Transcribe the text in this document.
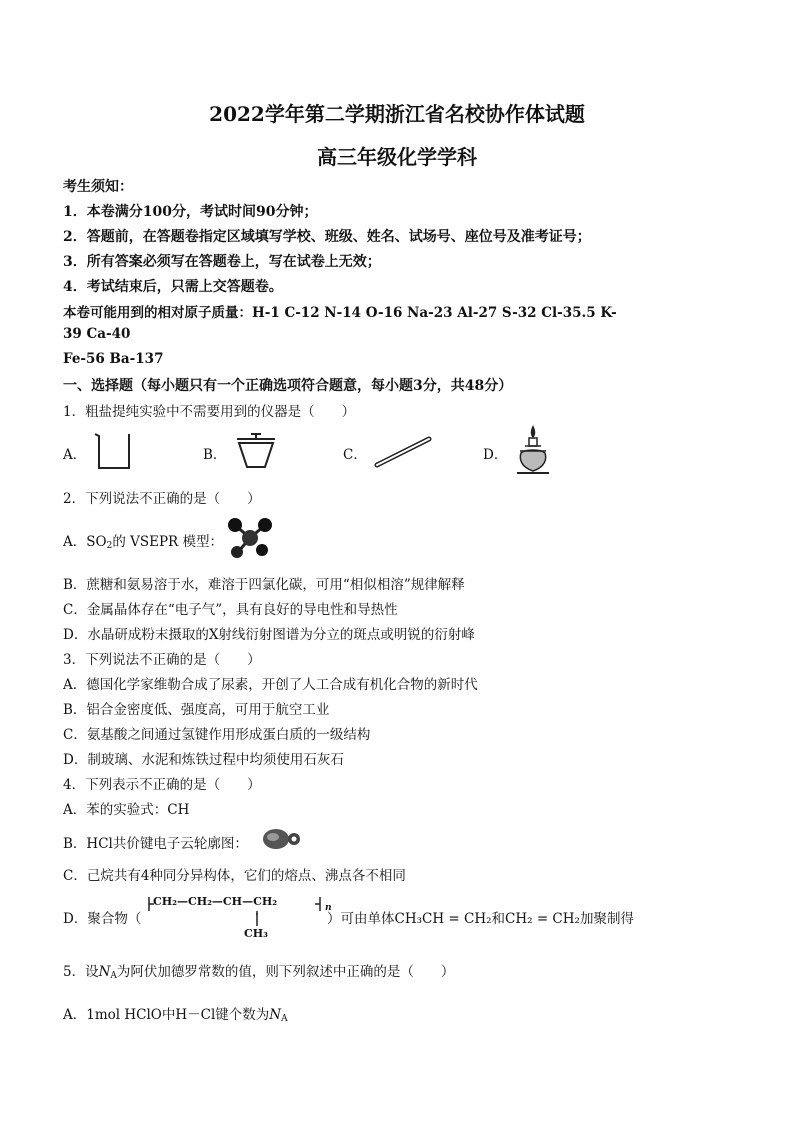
2022学年第二学期浙江省名校协作体试题
高三年级化学学科
考生须知：
1．本卷满分100分，考试时间90分钟；
2．答题前，在答题卷指定区域填写学校、班级、姓名、试场号、座位号及准考证号；
3．所有答案必须写在答题卷上，写在试卷上无效；
4．考试结束后，只需上交答题卷。
本卷可能用到的相对原子质量：H-1 C-12 N-14 O-16 Na-23 Al-27 S-32 Cl-35.5 K-
39 Ca-40
Fe-56 Ba-137
一、选择题（每小题只有一个正确选项符合题意，每小题3分，共48分）
1．粗盐提纯实验中不需要用到的仪器是（　　）
A．	B．	C．	D．
2．下列说法不正确的是（　　）
A．$SO_2$的 VSEPR 模型：
B．蔗糖和氨易溶于水，难溶于四氯化碳，可用“相似相溶”规律解释
C．金属晶体存在“电子气”，具有良好的导电性和导热性
D．水晶研成粉末摄取的X射线衍射图谱为分立的斑点或明锐的衍射峰
3．下列说法不正确的是（　　）
A．德国化学家维勒合成了尿素，开创了人工合成有机化合物的新时代
B．铝合金密度低、强度高，可用于航空工业
C．氨基酸之间通过氢键作用形成蛋白质的一级结构
D．制玻璃、水泥和炼铁过程中均须使用石灰石
4．下列表示不正确的是（　　）
A．苯的实验式：CH
B．HCl共价键电子云轮廓图：
C．己烷共有4种同分异构体，它们的熔点、沸点各不相同
D．聚合物（
CH₂—CH₂—CH—CH₂
CH₃
n
）可由单体CH₃CH = CH₂和CH₂ = CH₂加聚制得
5．设$N_A$为阿伏加德罗常数的值，则下列叙述中正确的是（　　）
A．1mol HClO中H－Cl键个数为$N_A$
